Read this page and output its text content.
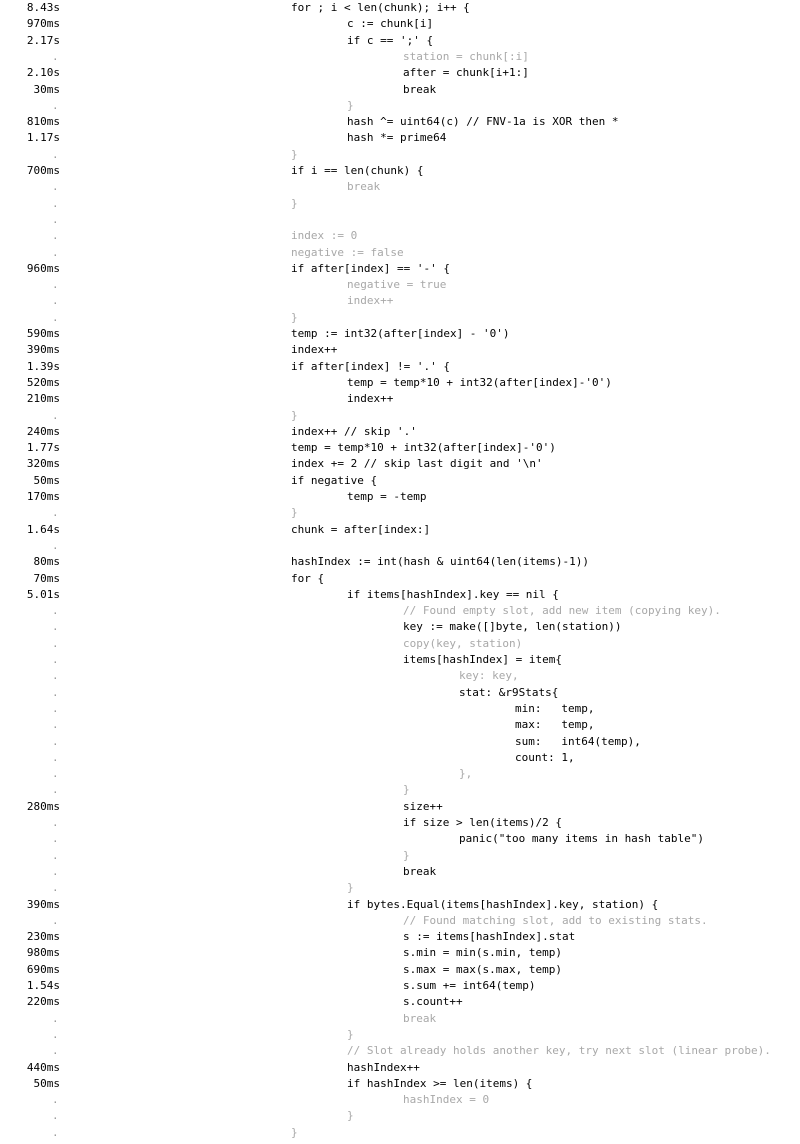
8.43s	for ; i < len(chunk); i++ {
970ms	c := chunk[i]
2.17s	if c == ';' {
.	station = chunk[:i]
2.10s	after = chunk[i+1:]
30ms	break
.	}
810ms	hash ^= uint64(c) // FNV-1a is XOR then *
1.17s	hash *= prime64
.	}
700ms	if i == len(chunk) {
.	break
.	}
.
.	index := 0
.	negative := false
960ms	if after[index] == '-' {
.	negative = true
.	index++
.	}
590ms	temp := int32(after[index] - '0')
390ms	index++
1.39s	if after[index] != '.' {
520ms	temp = temp*10 + int32(after[index]-'0')
210ms	index++
.	}
240ms	index++ // skip '.'
1.77s	temp = temp*10 + int32(after[index]-'0')
320ms	index += 2 // skip last digit and '\n'
50ms	if negative {
170ms	temp = -temp
.	}
1.64s	chunk = after[index:]
.
80ms	hashIndex := int(hash & uint64(len(items)-1))
70ms	for {
5.01s	if items[hashIndex].key == nil {
.	// Found empty slot, add new item (copying key).
.	key := make([]byte, len(station))
.	copy(key, station)
.	items[hashIndex] = item{
.	key: key,
.	stat: &r9Stats{
.	min:   temp,
.	max:   temp,
.	sum:   int64(temp),
.	count: 1,
.	},
.	}
280ms	size++
.	if size > len(items)/2 {
.	panic("too many items in hash table")
.	}
.	break
.	}
390ms	if bytes.Equal(items[hashIndex].key, station) {
.	// Found matching slot, add to existing stats.
230ms	s := items[hashIndex].stat
980ms	s.min = min(s.min, temp)
690ms	s.max = max(s.max, temp)
1.54s	s.sum += int64(temp)
220ms	s.count++
.	break
.	}
.	// Slot already holds another key, try next slot (linear probe).
440ms	hashIndex++
50ms	if hashIndex >= len(items) {
.	hashIndex = 0
.	}
.	}
